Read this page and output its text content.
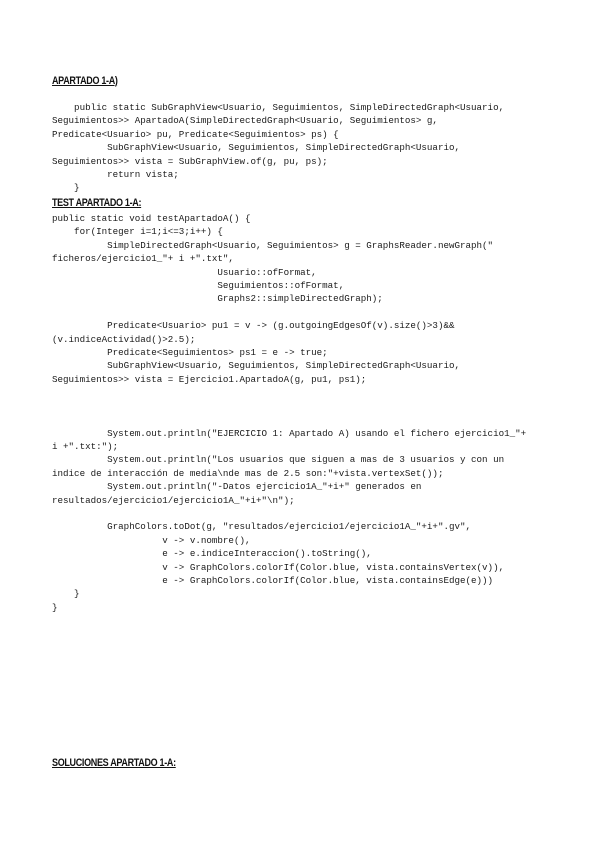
APARTADO 1-A)
public static SubGraphView<Usuario, Seguimientos, SimpleDirectedGraph<Usuario,
Seguimientos>> ApartadoA(SimpleDirectedGraph<Usuario, Seguimientos> g,
Predicate<Usuario> pu, Predicate<Seguimientos> ps) {
SubGraphView<Usuario, Seguimientos, SimpleDirectedGraph<Usuario,
Seguimientos>> vista = SubGraphView.of(g, pu, ps);
return vista;
}
TEST APARTADO 1-A:
public static void testApartadoA() {
for(Integer i=1;i<=3;i++) {
SimpleDirectedGraph<Usuario, Seguimientos> g = GraphsReader.newGraph("
ficheros/ejercicio1_"+ i +".txt",
Usuario::ofFormat,
Seguimientos::ofFormat,
Graphs2::simpleDirectedGraph);

Predicate<Usuario> pu1 = v -> (g.outgoingEdgesOf(v).size()>3)&&
(v.indiceActividad()>2.5);
Predicate<Seguimientos> ps1 = e -> true;
SubGraphView<Usuario, Seguimientos, SimpleDirectedGraph<Usuario,
Seguimientos>> vista = Ejercicio1.ApartadoA(g, pu1, ps1);

System.out.println("EJERCICIO 1: Apartado A) usando el fichero ejercicio1_"+
i +".txt:");
System.out.println("Los usuarios que siguen a mas de 3 usuarios y con un
indice de interacción de media\nde mas de 2.5 son:"+vista.vertexSet());
System.out.println("-Datos ejercicio1A_"+i+" generados en
resultados/ejercicio1/ejercicio1A_"+i+"\n");

GraphColors.toDot(g, "resultados/ejercicio1/ejercicio1A_"+i+".gv",
v -> v.nombre(),
e -> e.indiceInteraccion().toString(),
v -> GraphColors.colorIf(Color.blue, vista.containsVertex(v)),
e -> GraphColors.colorIf(Color.blue, vista.containsEdge(e)))
}
}
SOLUCIONES APARTADO 1-A:
